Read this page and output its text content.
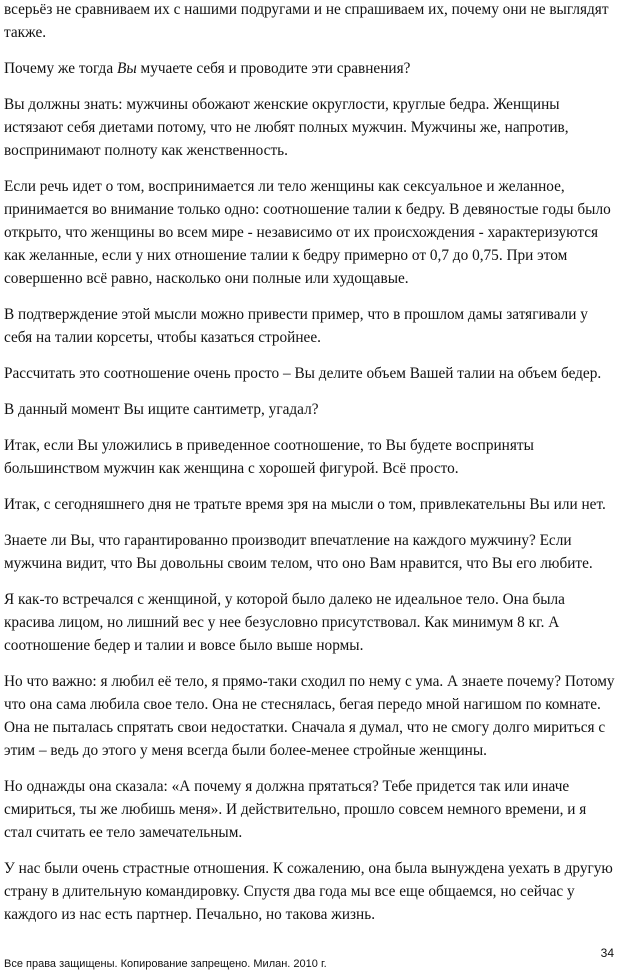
всерьёз не сравниваем их с нашими подругами и не спрашиваем их, почему они не выглядят также.

Почему же тогда Вы мучаете себя и проводите эти сравнения?

Вы должны знать: мужчины обожают женские округлости, круглые бедра. Женщины истязают себя диетами потому, что не любят полных мужчин. Мужчины же, напротив, воспринимают полноту как женственность.

Если речь идет о том, воспринимается ли тело женщины как сексуальное и желанное, принимается во внимание только одно: соотношение талии к бедру. В девяностые годы было открыто, что женщины во всем мире - независимо от их происхождения - характеризуются как желанные, если у них отношение талии к бедру примерно от 0,7 до 0,75. При этом совершенно всё равно, насколько они полные или худощавые.

В подтверждение этой мысли можно привести пример, что в прошлом дамы затягивали у себя на талии корсеты, чтобы казаться стройнее.

Рассчитать это соотношение очень просто – Вы делите объем Вашей талии на объем бедер.

В данный момент Вы ищите сантиметр, угадал?

Итак, если Вы уложились в приведенное соотношение, то Вы будете восприняты большинством мужчин как женщина с хорошей фигурой. Всё просто.

Итак, с сегодняшнего дня не тратьте время зря на мысли о том, привлекательны Вы или нет.

Знаете ли Вы, что гарантированно производит впечатление на каждого мужчину? Если мужчина видит, что Вы довольны своим телом, что оно Вам нравится, что Вы его любите.

Я как-то встречался с женщиной, у которой было далеко не идеальное тело. Она была красива лицом, но лишний вес у нее безусловно присутствовал. Как минимум 8 кг. А соотношение бедер и талии и вовсе было выше нормы.

Но что важно: я любил её тело, я прямо-таки сходил по нему с ума. А знаете почему? Потому что она сама любила свое тело. Она не стеснялась, бегая передо мной нагишом по комнате. Она не пыталась спрятать свои недостатки. Сначала я думал, что не смогу долго мириться с этим – ведь до этого у меня всегда были более-менее стройные женщины.

Но однажды она сказала: «А почему я должна прятаться? Тебе придется так или иначе смириться, ты же любишь меня». И действительно, прошло совсем немного времени, и я стал считать ее тело замечательным.

У нас были очень страстные отношения. К сожалению, она была вынуждена уехать в другую страну в длительную командировку. Спустя два года мы все еще общаемся, но сейчас у каждого из нас есть партнер. Печально, но такова жизнь.

Все права защищены. Копирование запрещено. Милан. 2010 г.
34
